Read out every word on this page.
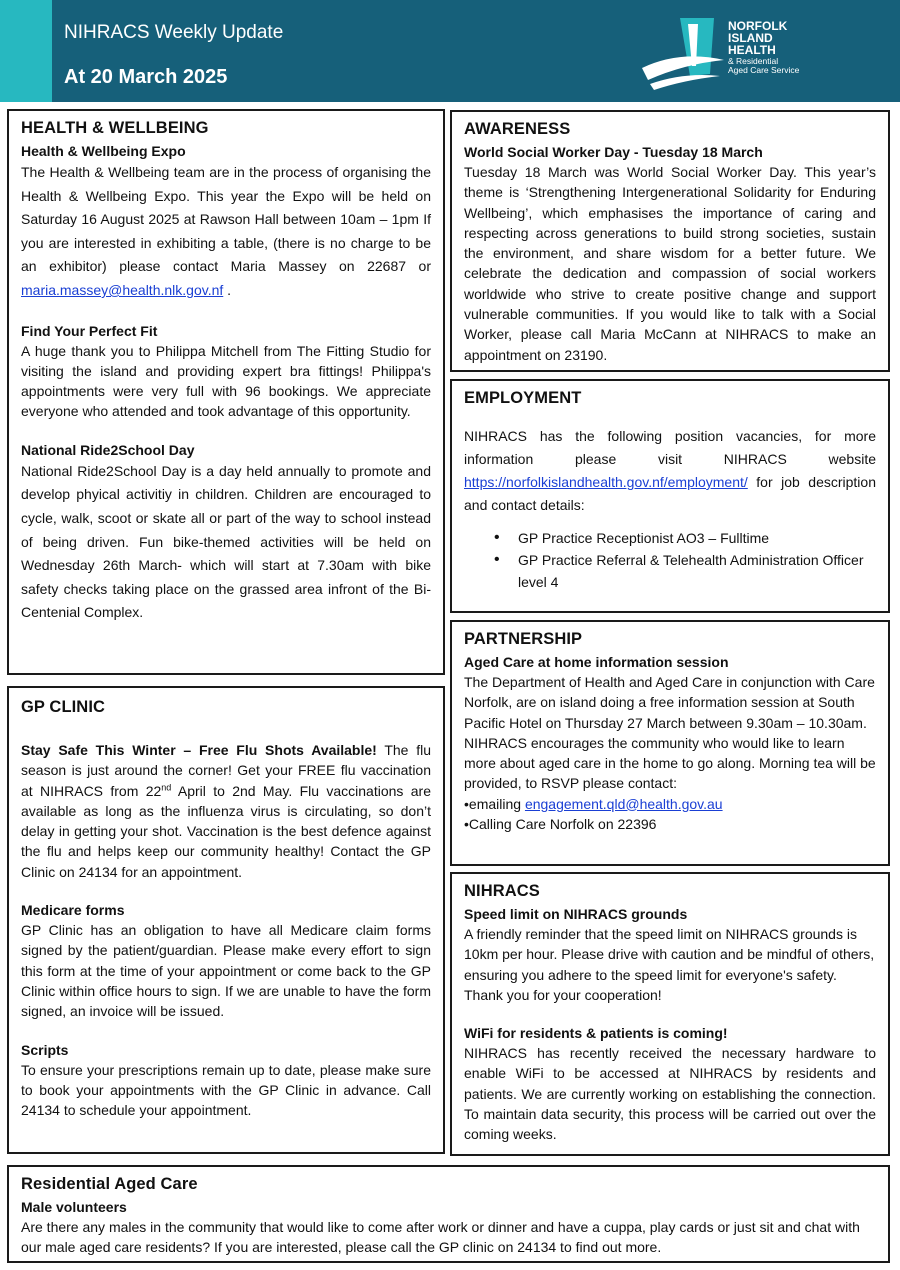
NIHRACS Weekly Update
At 20 March 2025
NORFOLK
ISLAND
HEALTH
& Residential
Aged Care Service
HEALTH & WELLBEING
Health & Wellbeing Expo

The Health & Wellbeing team are in the process of organising the Health & Wellbeing Expo. This year the Expo will be held on Saturday 16 August 2025 at Rawson Hall between 10am – 1pm If you are interested in exhibiting a table, (there is no charge to be an exhibitor) please contact Maria Massey on 22687 or maria.massey@health.nlk.gov.nf .

Find Your Perfect Fit

A huge thank you to Philippa Mitchell from The Fitting Studio for visiting the island and providing expert bra fittings! Philippa's appointments were very full with 96 bookings. We appreciate everyone who attended and took advantage of this opportunity.

National Ride2School Day

National Ride2School Day is a day held annually to promote and develop phyical activitiy in children. Children are encouraged to cycle, walk, scoot or skate all or part of the way to school instead of being driven. Fun bike-themed activities will be held on Wednesday 26th March- which will start at 7.30am with bike safety checks taking place on the grassed area infront of the Bi-Centenial Complex.

GP CLINIC

Stay Safe This Winter – Free Flu Shots Available! The flu season is just around the corner! Get your FREE flu vaccination at NIHRACS from 22nd April to 2nd May. Flu vaccinations are available as long as the influenza virus is circulating, so don’t delay in getting your shot. Vaccination is the best defence against the flu and helps keep our community healthy! Contact the GP Clinic on 24134 for an appointment.

Medicare forms

GP Clinic has an obligation to have all Medicare claim forms signed by the patient/guardian. Please make every effort to sign this form at the time of your appointment or come back to the GP Clinic within office hours to sign. If we are unable to have the form signed, an invoice will be issued.

Scripts

To ensure your prescriptions remain up to date, please make sure to book your appointments with the GP Clinic in advance. Call 24134 to schedule your appointment.

AWARENESS
World Social Worker Day - Tuesday 18 March

Tuesday 18 March was World Social Worker Day. This year’s theme is ‘Strengthening Intergenerational Solidarity for Enduring Wellbeing’, which emphasises the importance of caring and respecting across generations to build strong societies, sustain the environment, and share wisdom for a better future. We celebrate the dedication and compassion of social workers worldwide who strive to create positive change and support vulnerable communities. If you would like to talk with a Social Worker, please call Maria McCann at NIHRACS to make an appointment on 23190.

EMPLOYMENT

NIHRACS has the following position vacancies, for more information please visit NIHRACS website https://norfolkislandhealth.gov.nf/employment/ for job description and contact details:

• GP Practice Receptionist AO3 – Fulltime
• GP Practice Referral & Telehealth Administration Officer level 4
PARTNERSHIP
Aged Care at home information session

The Department of Health and Aged Care in conjunction with Care Norfolk, are on island doing a free information session at South Pacific Hotel on Thursday 27 March between 9.30am – 10.30am.

NIHRACS encourages the community who would like to learn more about aged care in the home to go along. Morning tea will be provided, to RSVP please contact:

•emailing engagement.qld@health.gov.au

•Calling Care Norfolk on 22396

NIHRACS
Speed limit on NIHRACS grounds

A friendly reminder that the speed limit on NIHRACS grounds is 10km per hour. Please drive with caution and be mindful of others, ensuring you adhere to the speed limit for everyone's safety. Thank you for your cooperation!

WiFi for residents & patients is coming!

NIHRACS has recently received the necessary hardware to enable WiFi to be accessed at NIHRACS by residents and patients. We are currently working on establishing the connection. To maintain data security, this process will be carried out over the coming weeks.

Residential Aged Care
Male volunteers

Are there any males in the community that would like to come after work or dinner and have a cuppa, play cards or just sit and chat with our male aged care residents? If you are interested, please call the GP clinic on 24134 to find out more.
